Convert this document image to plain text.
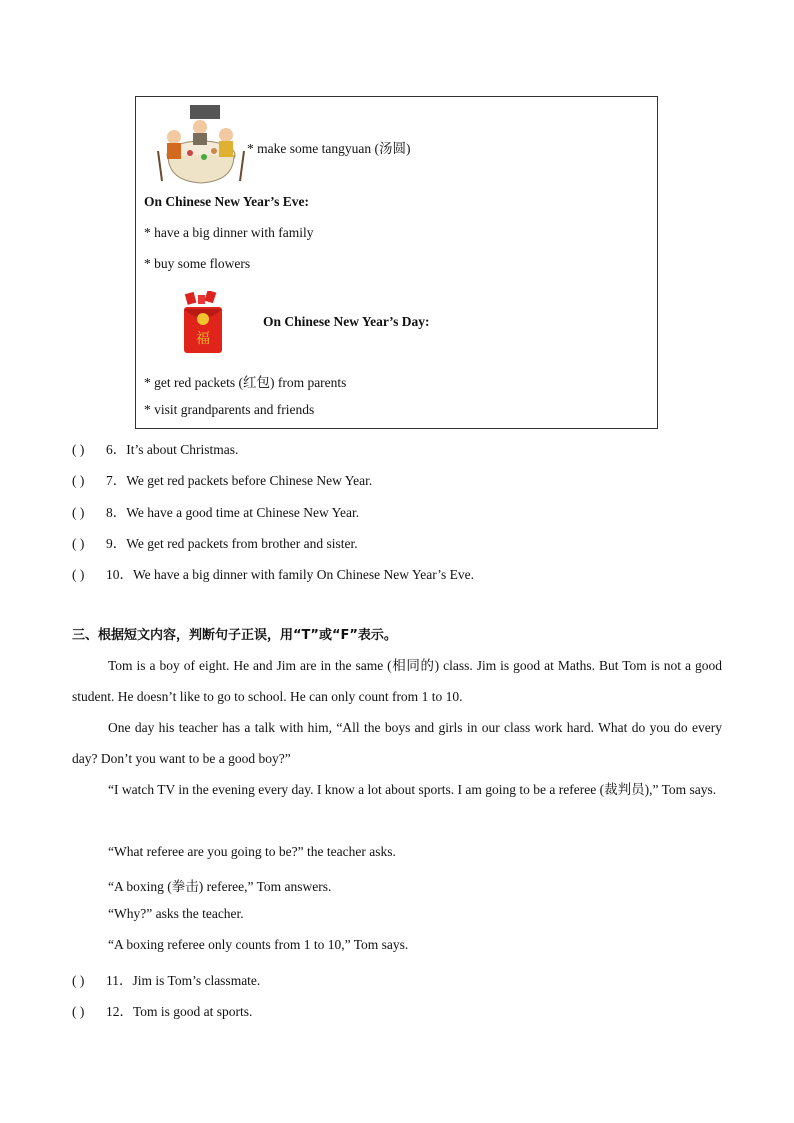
* make some tangyuan (汤圆)
On Chinese New Year’s Eve:
* have a big dinner with family
* buy some flowers
福
On Chinese New Year’s Day:
* get red packets (红包) from parents
* visit grandparents and friends
( ) 6．It’s about Christmas.
( ) 7．We get red packets before Chinese New Year.
( ) 8．We have a good time at Chinese New Year.
( ) 9．We get red packets from brother and sister.
( ) 10．We have a big dinner with family On Chinese New Year’s Eve.
三、根据短文内容，判断句子正误，用“T”或“F”表示。
Tom is a boy of eight. He and Jim are in the same (相同的) class. Jim is good at Maths. But Tom is not a good student. He doesn’t like to go to school. He can only count from 1 to 10.
One day his teacher has a talk with him, “All the boys and girls in our class work hard. What do you do every day? Don’t you want to be a good boy?”
“I watch TV in the evening every day. I know a lot about sports. I am going to be a referee (裁判员),” Tom says.
“What referee are you going to be?” the teacher asks.
“A boxing (拳击) referee,” Tom answers.
“Why?” asks the teacher.
“A boxing referee only counts from 1 to 10,” Tom says.
( ) 11．Jim is Tom’s classmate.
( ) 12．Tom is good at sports.
